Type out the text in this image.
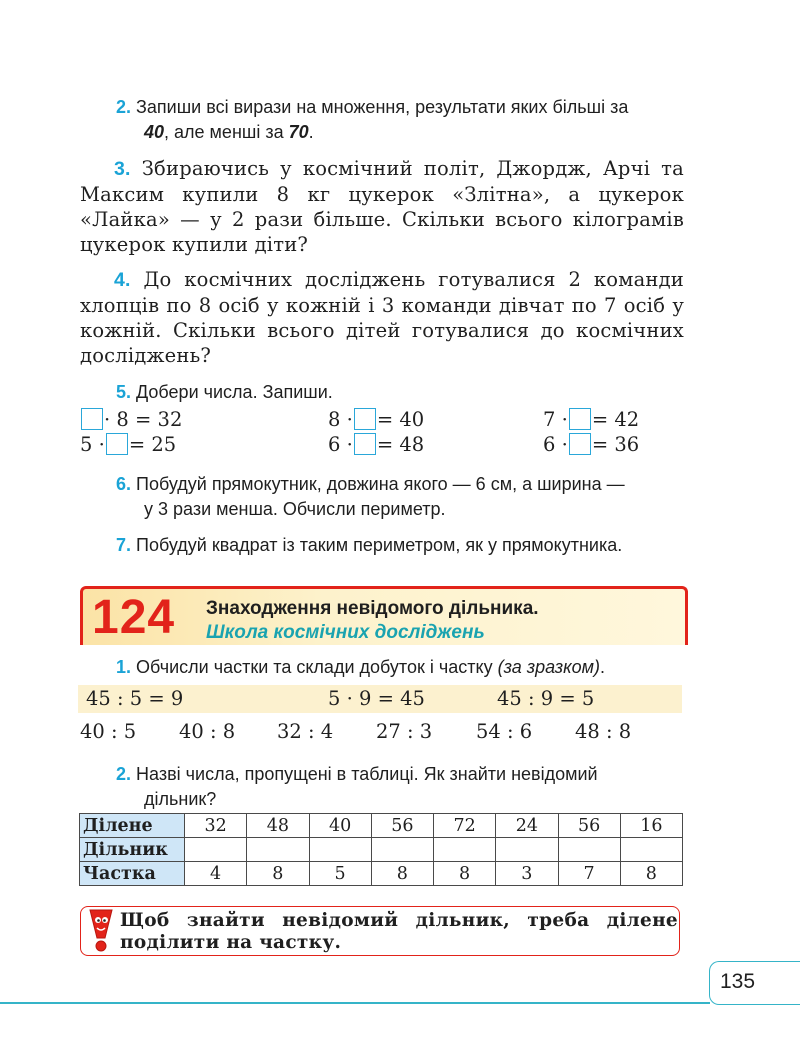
2. Запиши всі вирази на множення, результати яких більші за
40, але менші за 70.
3. Збираючись у космічний політ, Джордж, Арчі та Максим купили 8 кг цукерок «Злітна», а цукерок «Лайка» — у 2 рази більше. Скільки всього кілограмів цукерок купили діти?
4. До космічних досліджень готувалися 2 команди хлопців по 8 осіб у кожній і 3 команди дівчат по 7 осіб у кожній. Скільки всього дітей готувалися до космічних досліджень?
5. Добери числа. Запиши.
· 8 = 32	8 · = 40	7 · = 42
5 · = 25	6 · = 48	6 · = 36
6. Побудуй прямокутник, довжина якого — 6 см, а ширина —
у 3 рази менша. Обчисли периметр.
7. Побудуй квадрат із таким периметром, як у прямокутника.
124 Знаходження невідомого дільника.
Школа космічних досліджень
1. Обчисли частки та склади добуток і частку (за зразком).
45 : 5 = 9	5 · 9 = 45	45 : 9 = 5
40 : 5 40 : 8 32 : 4 27 : 3 54 : 6 48 : 8
2. Назві числа, пропущені в таблиці. Як знайти невідомий
дільник?
Ділене	32	48	40	56	72	24	56	16
Дільник								
Частка	4	8	5	8	8	3	7	8
Щоб знайти невідомий дільник, треба ділене поділити на частку.
135
